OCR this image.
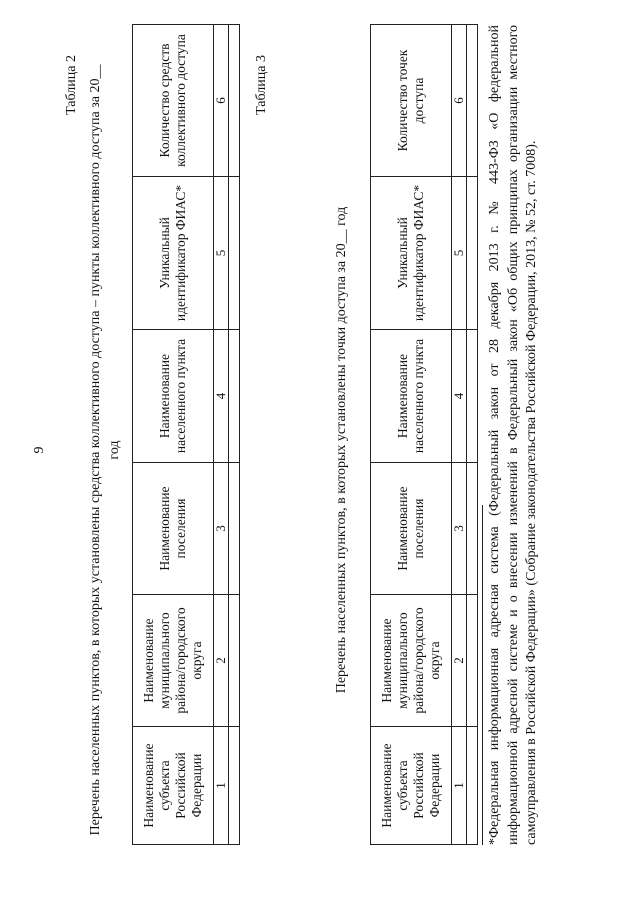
9
Таблица 2 Перечень населенных пунктов, в которых установлены средства коллективного доступа – пункты коллективного доступа за 20__ год
Наименование субъекта Российской Федерации	Наименование муниципального района/городского округа	Наименование поселения	Наименование населенного пункта	Уникальный идентификатор ФИАС*	Количество средств коллективного доступа
1	2	3	4	5	6
					Таблица 3
Перечень населенных пунктов, в которых установлены точки доступа за 20__ год
Наименование субъекта Российской Федерации	Наименование муниципального района/городского округа	Наименование поселения	Наименование населенного пункта	Уникальный идентификатор ФИАС*	Количество точек доступа
1	2	3	4	5	6
					*Федеральная информационная адресная система (Федеральный закон от 28 декабря 2013 г. № 443-ФЗ «О федеральной информационной адресной системе и о внесении изменений в Федеральный закон «Об общих принципах организации местного самоуправления в Российской Федерации» (Собрание законодательства Российской Федерации, 2013, № 52, ст. 7008).
